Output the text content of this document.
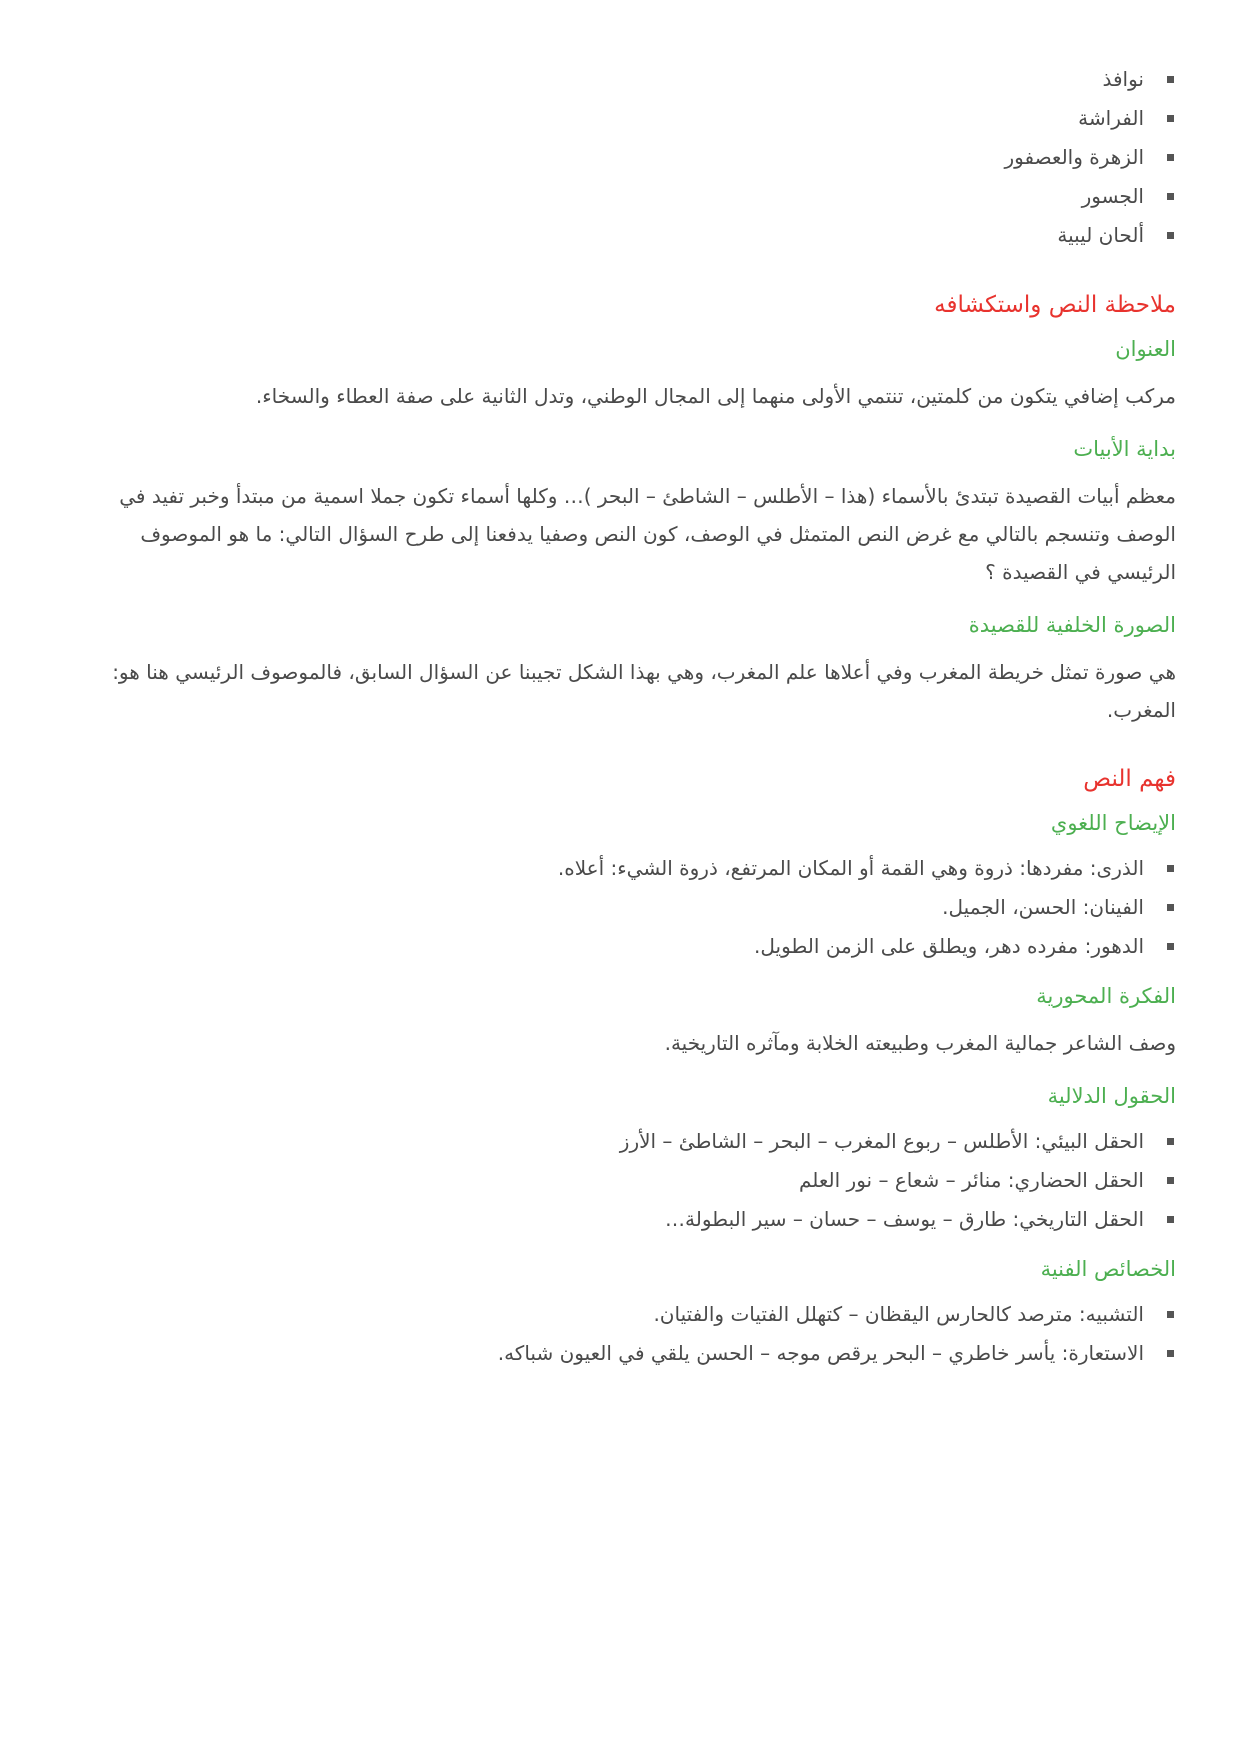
نوافذ
الفراشة
الزهرة والعصفور
الجسور
ألحان ليبية
ملاحظة النص واستكشافه
العنوان

مركب إضافي يتكون من كلمتين، تنتمي الأولى منهما إلى المجال الوطني، وتدل الثانية على صفة العطاء والسخاء.

بداية الأبيات

معظم أبيات القصيدة تبتدئ بالأسماء (هذا – الأطلس – الشاطئ – البحر )… وكلها أسماء تكون جملا اسمية من مبتدأ وخبر تفيد في الوصف وتنسجم بالتالي مع غرض النص المتمثل في الوصف، كون النص وصفيا يدفعنا إلى طرح السؤال التالي: ما هو الموصوف الرئيسي في القصيدة ؟

الصورة الخلفية للقصيدة

هي صورة تمثل خريطة المغرب وفي أعلاها علم المغرب، وهي بهذا الشكل تجيبنا عن السؤال السابق، فالموصوف الرئيسي هنا هو: المغرب.

فهم النص
الإيضاح اللغوي
الذرى: مفردها: ذروة وهي القمة أو المكان المرتفع، ذروة الشيء: أعلاه.
الفينان: الحسن، الجميل.
الدهور: مفرده دهر، ويطلق على الزمن الطويل.
الفكرة المحورية

وصف الشاعر جمالية المغرب وطبيعته الخلابة ومآثره التاريخية.

الحقول الدلالية
الحقل البيئي: الأطلس – ربوع المغرب – البحر – الشاطئ – الأرز
الحقل الحضاري: منائر – شعاع – نور العلم
الحقل التاريخي: طارق – يوسف – حسان – سير البطولة…
الخصائص الفنية
التشبيه: مترصد كالحارس اليقظان – كتهلل الفتيات والفتيان.
الاستعارة: يأسر خاطري – البحر يرقص موجه – الحسن يلقي في العيون شباكه.
